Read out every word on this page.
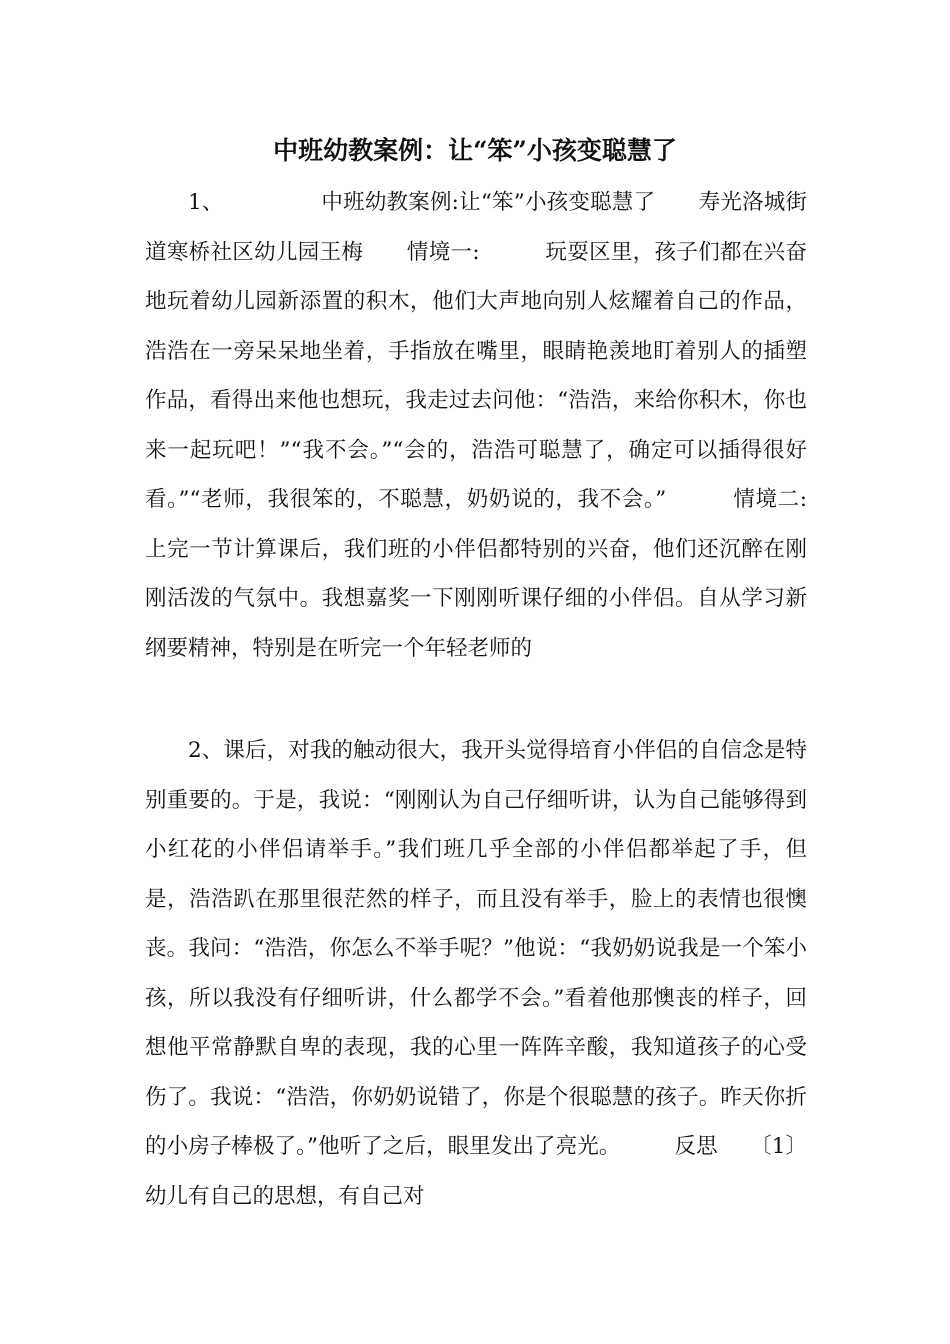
中班幼教案例：让“笨”小孩变聪慧了

1、　　　　　中班幼教案例:让“笨”小孩变聪慧了　　寿光洛城街道寒桥社区幼儿园王梅　　情境一:　　　玩耍区里，孩子们都在兴奋地玩着幼儿园新添置的积木，他们大声地向别人炫耀着自己的作品，浩浩在一旁呆呆地坐着，手指放在嘴里，眼睛艳羡地盯着别人的插塑作品，看得出来他也想玩，我走过去问他：“浩浩，来给你积木，你也来一起玩吧！”“我不会。”“会的，浩浩可聪慧了，确定可以插得很好看。”“老师，我很笨的，不聪慧，奶奶说的，我不会。”　　　情境二:　　　上完一节计算课后，我们班的小伴侣都特别的兴奋，他们还沉醉在刚刚活泼的气氛中。我想嘉奖一下刚刚听课仔细的小伴侣。自从学习新纲要精神，特别是在听完一个年轻老师的

2、课后，对我的触动很大，我开头觉得培育小伴侣的自信念是特别重要的。于是，我说：“刚刚认为自己仔细听讲，认为自己能够得到小红花的小伴侣请举手。”我们班几乎全部的小伴侣都举起了手，但是，浩浩趴在那里很茫然的样子，而且没有举手，脸上的表情也很懊丧。我问：“浩浩，你怎么不举手呢？”他说：“我奶奶说我是一个笨小孩，所以我没有仔细听讲，什么都学不会。”看着他那懊丧的样子，回想他平常静默自卑的表现，我的心里一阵阵辛酸，我知道孩子的心受伤了。我说：“浩浩，你奶奶说错了，你是个很聪慧的孩子。昨天你折的小房子棒极了。”他听了之后，眼里发出了亮光。　　　反思　　〔1〕幼儿有自己的思想，有自己对
